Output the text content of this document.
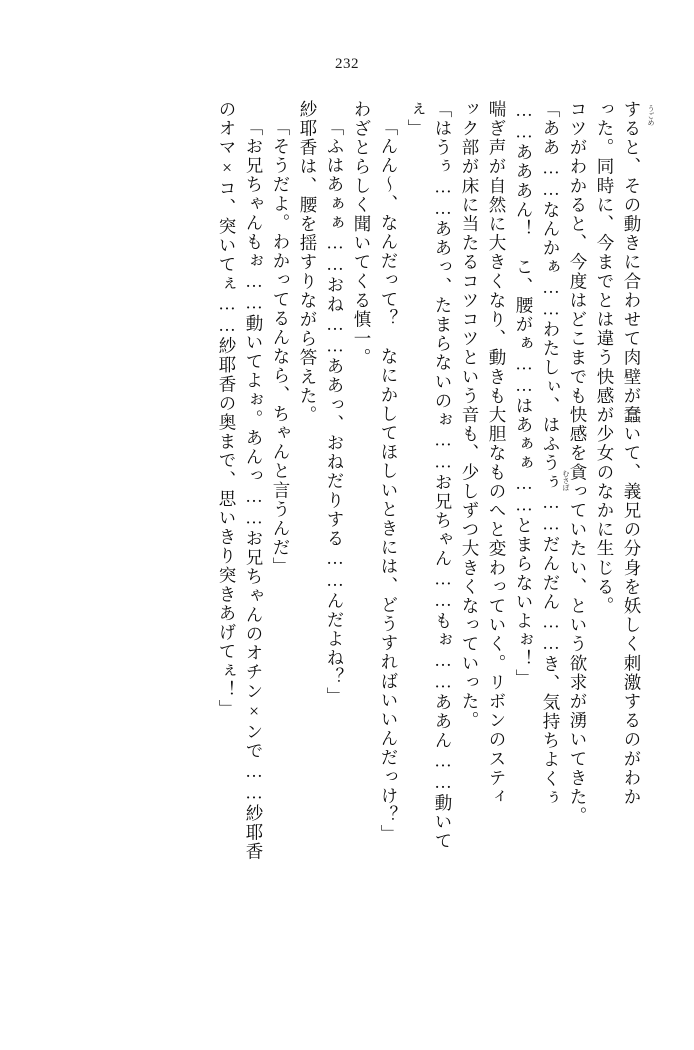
232
すると、その動きに合わせて肉壁が蠢いて、義兄の分身を妖しく刺激するのがわか
った。同時に、今までとは違う快感が少女のなかに生じる。
コツがわかると、今度はどこまでも快感を貪っていたい、という欲求が湧いてきた。
「ああ……なんかぁ……わたしぃ、はふうぅ……だんだん……き、気持ちよくぅ
……あああん！　こ、腰がぁ……はあぁぁ……とまらないよぉ！」
喘ぎ声が自然に大きくなり、動きも大胆なものへと変わっていく。リボンのスティ
ック部が床に当たるコツコツという音も、少しずつ大きくなっていった。
「はうぅ……ああっ、たまらないのぉ……お兄ちゃん……もぉ……ああん……動いて
ぇ」
「んん～、なんだって？　なにかしてほしいときには、どうすればいいんだっけ？」
わざとらしく聞いてくる慎一。
「ふはあぁぁ……おね……ああっ、おねだりする……んだよね？」
紗耶香は、腰を揺すりながら答えた。
「そうだよ。わかってるんなら、ちゃんと言うんだ」
「お兄ちゃんもぉ……動いてよぉ。あんっ……お兄ちゃんのオチン×ンで……紗耶香
のオマ×コ、突いてぇ……紗耶香の奥まで、思いきり突きあげてぇ！」	うごめ
むさぼ
